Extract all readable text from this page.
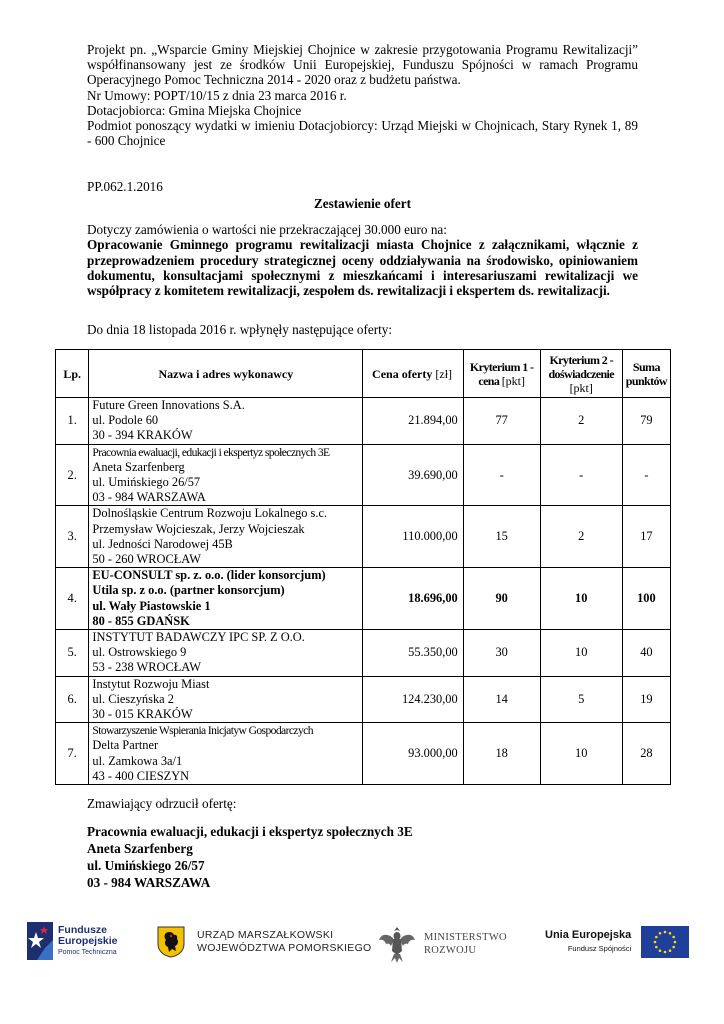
Projekt pn. „Wsparcie Gminy Miejskiej Chojnice w zakresie przygotowania Programu Rewitalizacji” współfinansowany jest ze środków Unii Europejskiej, Funduszu Spójności w ramach Programu Operacyjnego Pomoc Techniczna 2014 - 2020 oraz z budżetu państwa.
Nr Umowy: POPT/10/15 z dnia 23 marca 2016 r.
Dotacjobiorca: Gmina Miejska Chojnice
Podmiot ponoszący wydatki w imieniu Dotacjobiorcy: Urząd Miejski w Chojnicach, Stary Rynek 1, 89 - 600 Chojnice
PP.062.1.2016
Zestawienie ofert
Dotyczy zamówienia o wartości nie przekraczającej 30.000 euro na:
Opracowanie Gminnego programu rewitalizacji miasta Chojnice z załącznikami, włącznie z przeprowadzeniem procedury strategicznej oceny oddziaływania na środowisko, opiniowaniem dokumentu, konsultacjami społecznymi z mieszkańcami i interesariuszami rewitalizacji we współpracy z komitetem rewitalizacji, zespołem ds. rewitalizacji i ekspertem ds. rewitalizacji.
Do dnia 18 listopada 2016 r. wpłynęły następujące oferty:
Lp.	Nazwa i adres wykonawcy	Cena oferty [zł]	Kryterium 1 - cena [pkt]	Kryterium 2 - doświadczenie [pkt]	Suma punktów
1.	Future Green Innovations S.A.
ul. Podole 60
30 - 394 KRAKÓW	21.894,00	77	2	79
2.	Pracownia ewaluacji, edukacji i ekspertyz społecznych 3E
Aneta Szarfenberg
ul. Umińskiego 26/57
03 - 984 WARSZAWA	39.690,00	-	-	-
3.	Dolnośląskie Centrum Rozwoju Lokalnego s.c.
Przemysław Wojcieszak, Jerzy Wojcieszak
ul. Jedności Narodowej 45B
50 - 260 WROCŁAW	110.000,00	15	2	17
4.	EU-CONSULT sp. z. o.o. (lider konsorcjum)
Utila sp. z o.o. (partner konsorcjum)
ul. Wały Piastowskie 1
80 - 855 GDAŃSK	18.696,00	90	10	100
5.	INSTYTUT BADAWCZY IPC SP. Z O.O.
ul. Ostrowskiego 9
53 - 238 WROCŁAW	55.350,00	30	10	40
6.	Instytut Rozwoju Miast
ul. Cieszyńska 2
30 - 015 KRAKÓW	124.230,00	14	5	19
7.	Stowarzyszenie Wspierania Inicjatyw Gospodarczych
Delta Partner
ul. Zamkowa 3a/1
43 - 400 CIESZYN	93.000,00	18	10	28
Zmawiający odrzucił ofertę:
Pracownia ewaluacji, edukacji i ekspertyz społecznych 3E
Aneta Szarfenberg
ul. Umińskiego 26/57
03 - 984 WARSZAWA
Fundusze
Europejskie
Pomoc Techniczna
URZĄD MARSZAŁKOWSKI
WOJEWÓDZTWA POMORSKIEGO
MINISTERSTWO
ROZWOJU
Unia Europejska
Fundusz Spójności
